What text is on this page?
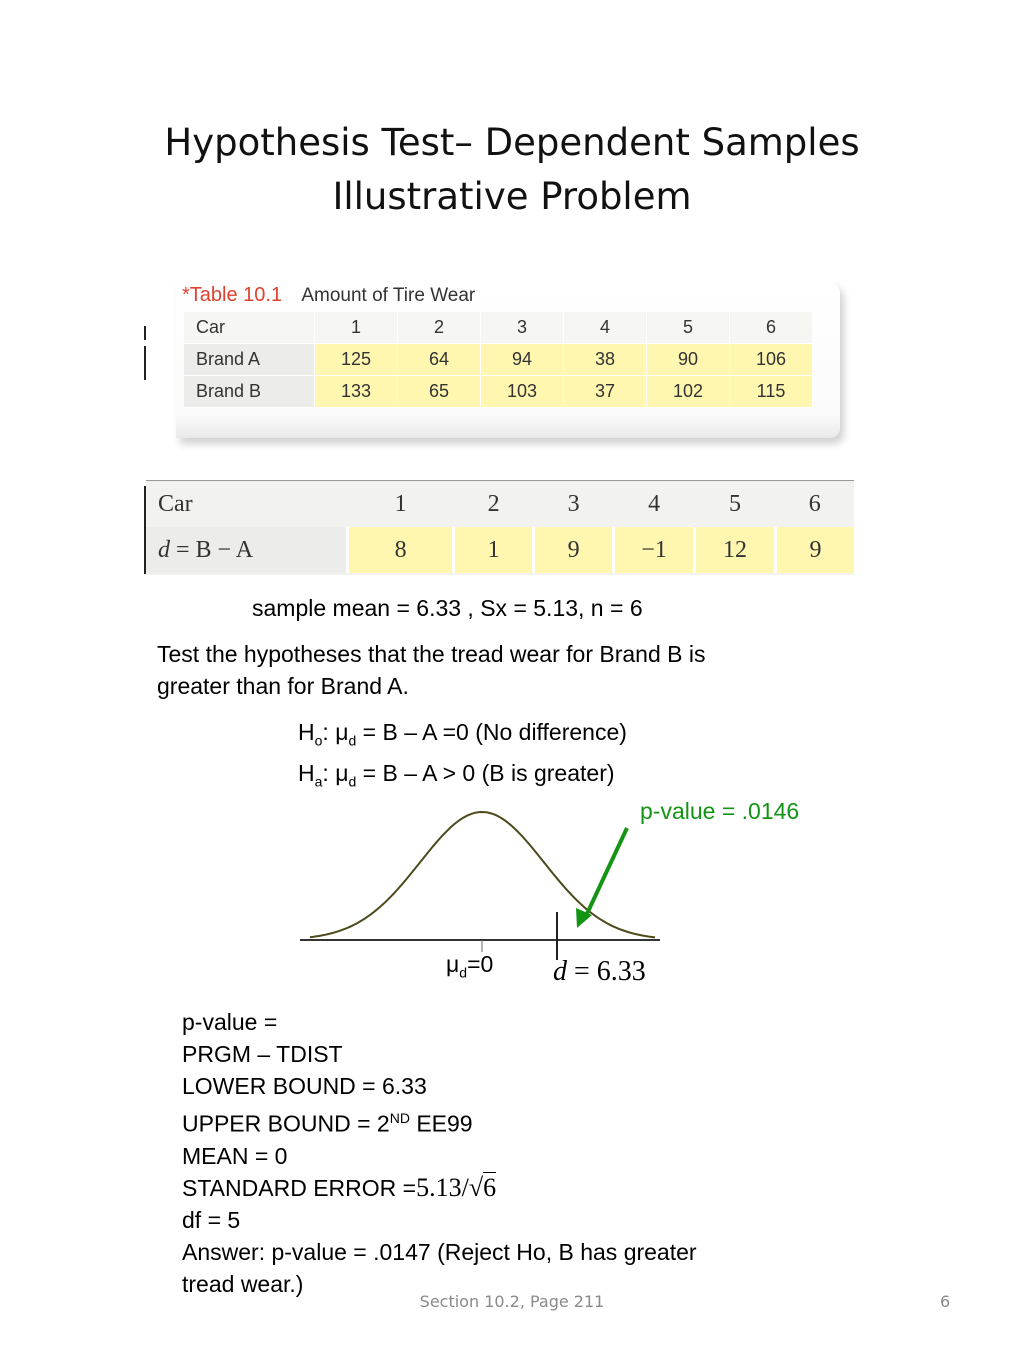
Hypothesis Test– Dependent Samples
Illustrative Problem
*Table 10.1 Amount of Tire Wear
Car	1	2	3	4	5	6
Brand A	125	64	94	38	90	106
Brand B	133	65	103	37	102	115
Car	1	2	3	4	5	6
d = B − A	8	1	9	−1	12	9
sample mean = 6.33 , Sx = 5.13, n = 6
Test the hypotheses that the tread wear for Brand B is
greater than for Brand A.
$H_o$: $\mu_d = B - A =0$ (No difference)
$H_a$: $\mu_d = B - A > 0$ (B is greater)
p-value = .0146
$\mu_d=0$ d = 6.33
p-value =
PRGM – TDIST
LOWER BOUND = 6.33
UPPER BOUND = 2ND EE99
MEAN = 0
STANDARD ERROR =5.13/√6
df = 5
Answer: p-value = .0147 (Reject Ho, B has greater
tread wear.)
Section 10.2, Page 211	6
